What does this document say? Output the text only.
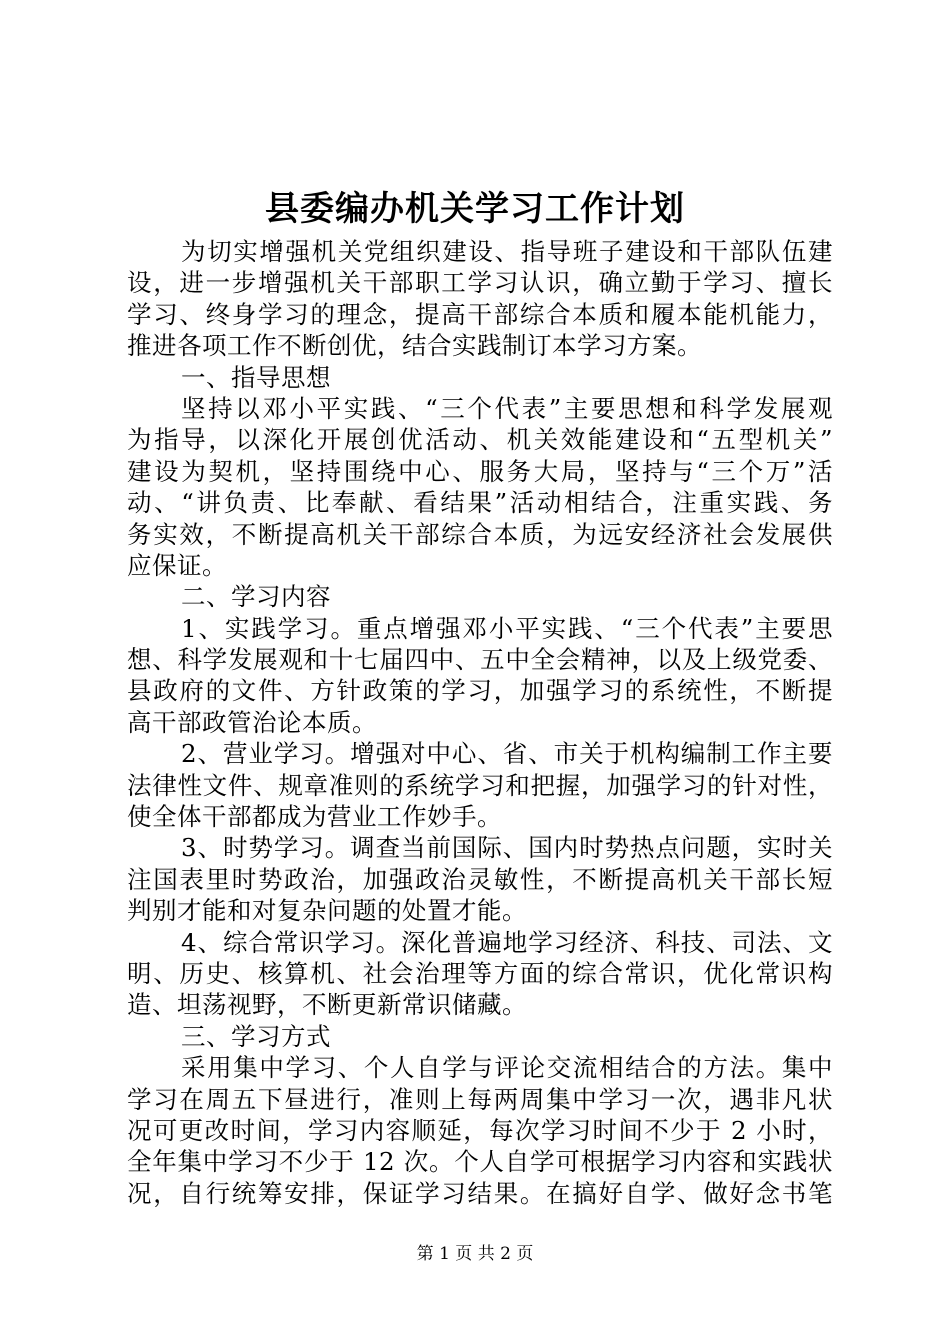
县委编办机关学习工作计划
为切实增强机关党组织建设、指导班子建设和干部队伍建
设，进一步增强机关干部职工学习认识，确立勤于学习、擅长
学习、终身学习的理念，提高干部综合本质和履本能机能力，
推进各项工作不断创优，结合实践制订本学习方案。
一、指导思想
坚持以邓小平实践、“三个代表”主要思想和科学发展观
为指导，以深化开展创优活动、机关效能建设和“五型机关”
建设为契机，坚持围绕中心、服务大局，坚持与“三个万”活
动、“讲负责、比奉献、看结果”活动相结合，注重实践、务
务实效，不断提高机关干部综合本质，为远安经济社会发展供
应保证。
二、学习内容
1、实践学习。重点增强邓小平实践、“三个代表”主要思
想、科学发展观和十七届四中、五中全会精神，以及上级党委、
县政府的文件、方针政策的学习，加强学习的系统性，不断提
高干部政管治论本质。
2、营业学习。增强对中心、省、市关于机构编制工作主要
法律性文件、规章准则的系统学习和把握，加强学习的针对性，
使全体干部都成为营业工作妙手。
3、时势学习。调查当前国际、国内时势热点问题，实时关
注国表里时势政治，加强政治灵敏性，不断提高机关干部长短
判别才能和对复杂问题的处置才能。
4、综合常识学习。深化普遍地学习经济、科技、司法、文
明、历史、核算机、社会治理等方面的综合常识，优化常识构
造、坦荡视野，不断更新常识储藏。
三、学习方式
采用集中学习、个人自学与评论交流相结合的方法。集中
学习在周五下昼进行，准则上每两周集中学习一次，遇非凡状
况可更改时间，学习内容顺延，每次学习时间不少于 2 小时，
全年集中学习不少于 12 次。个人自学可根据学习内容和实践状
况，自行统筹安排，保证学习结果。在搞好自学、做好念书笔
第 1 页 共 2 页
